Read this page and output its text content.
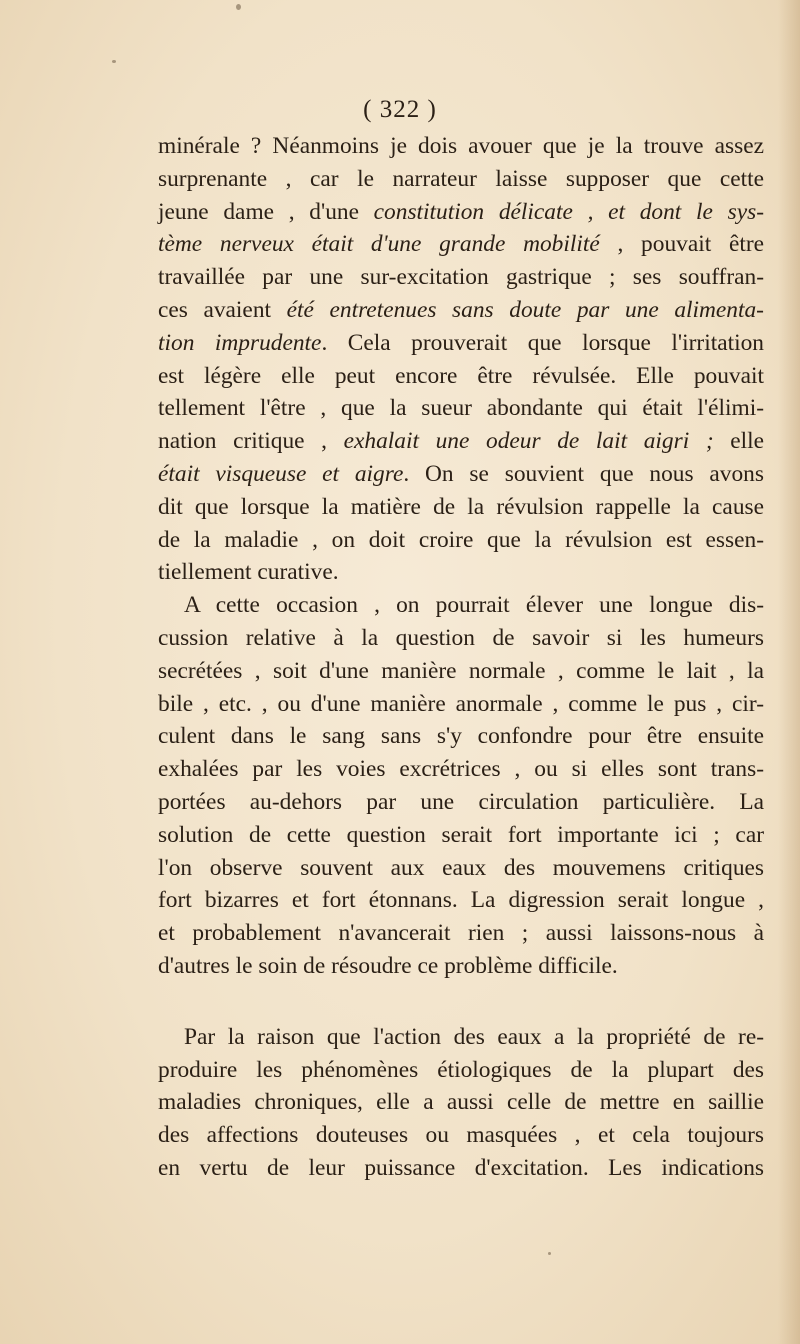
( 322 )
minérale ? Néanmoins je dois avouer que je la trouve assez
surprenante , car le narrateur laisse supposer que cette
jeune dame , d'une constitution délicate , et dont le sys-
tème nerveux était d'une grande mobilité , pouvait être
travaillée par une sur-excitation gastrique ; ses souffran-
ces avaient été entretenues sans doute par une alimenta-
tion imprudente. Cela prouverait que lorsque l'irritation
est légère elle peut encore être révulsée. Elle pouvait
tellement l'être , que la sueur abondante qui était l'élimi-
nation critique , exhalait une odeur de lait aigri ; elle
était visqueuse et aigre. On se souvient que nous avons
dit que lorsque la matière de la révulsion rappelle la cause
de la maladie , on doit croire que la révulsion est essen-
tiellement curative.
A cette occasion , on pourrait élever une longue dis-
cussion relative à la question de savoir si les humeurs
secrétées , soit d'une manière normale , comme le lait , la
bile , etc. , ou d'une manière anormale , comme le pus , cir-
culent dans le sang sans s'y confondre pour être ensuite
exhalées par les voies excrétrices , ou si elles sont trans-
portées au-dehors par une circulation particulière. La
solution de cette question serait fort importante ici ; car
l'on observe souvent aux eaux des mouvemens critiques
fort bizarres et fort étonnans. La digression serait longue ,
et probablement n'avancerait rien ; aussi laissons-nous à
d'autres le soin de résoudre ce problème difficile.
Par la raison que l'action des eaux a la propriété de re-
produire les phénomènes étiologiques de la plupart des
maladies chroniques, elle a aussi celle de mettre en saillie
des affections douteuses ou masquées , et cela toujours
en vertu de leur puissance d'excitation. Les indications
